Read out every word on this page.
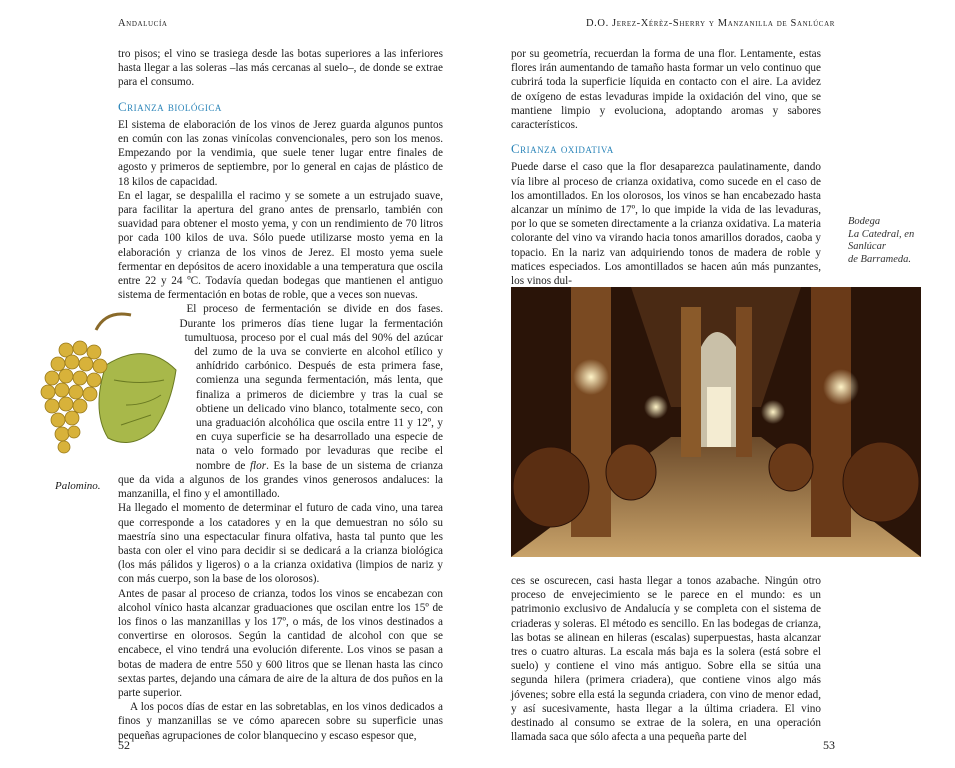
Andalucía

tro pisos; el vino se trasiega desde las botas superiores a las inferiores hasta llegar a las soleras –las más cercanas al suelo–, de donde se extrae para el consumo.

Crianza biológica

El sistema de elaboración de los vinos de Jerez guarda algunos puntos en común con las zonas vinícolas convencionales, pero son los menos. Empezando por la vendimia, que suele tener lugar entre finales de agosto y primeros de septiembre, por lo general en cajas de plástico de 18 kilos de capacidad.

En el lagar, se despalilla el racimo y se somete a un estrujado suave, para facilitar la apertura del grano antes de prensarlo, también con suavidad para obtener el mosto yema, y con un rendimiento de 70 litros por cada 100 kilos de uva. Sólo puede utilizarse mosto yema en la elaboración y crianza de los vinos de Jerez. El mosto yema suele fermentar en depósitos de acero inoxidable a una temperatura que oscila entre 22 y 24 ºC. Todavía quedan bodegas que mantienen el antiguo sistema de fermentación en botas de roble, que a veces son nuevas.

El proceso de fermentación se divide en dos fases. Durante los primeros días tiene lugar la fermentación tumultuosa, proceso por el cual más del 90% del azúcar del zumo de la uva se convierte en alcohol etílico y anhídrido carbónico. Después de esta primera fase, comienza una segunda fermentación, más lenta, que finaliza a primeros de diciembre y tras la cual se obtiene un delicado vino blanco, totalmente seco, con una graduación alcohólica que oscila entre 11 y 12º, y en cuya superficie se ha desarrollado una especie de nata o velo formado por levaduras que recibe el nombre de flor. Es la base de un sistema de crianza que da vida a algunos de los grandes vinos generosos andaluces: la manzanilla, el fino y el amontillado.

Ha llegado el momento de determinar el futuro de cada vino, una tarea que corresponde a los catadores y en la que demuestran no sólo su maestría sino una espectacular finura olfativa, hasta tal punto que les basta con oler el vino para decidir si se dedicará a la crianza biológica (los más pálidos y ligeros) o a la crianza oxidativa (limpios de nariz y con más cuerpo, son la base de los olorosos).

Antes de pasar al proceso de crianza, todos los vinos se encabezan con alcohol vínico hasta alcanzar graduaciones que oscilan entre los 15º de los finos o las manzanillas y los 17º, o más, de los vinos destinados a convertirse en olorosos. Según la cantidad de alcohol con que se encabece, el vino tendrá una evolución diferente. Los vinos se pasan a botas de madera de entre 550 y 600 litros que se llenan hasta las cinco sextas partes, dejando una cámara de aire de la altura de dos puños en la parte superior.

A los pocos días de estar en las sobretablas, en los vinos dedicados a finos y manzanillas se ve cómo aparecen sobre su superficie unas pequeñas agrupaciones de color blanquecino y escaso espesor que,

Palomino.
52
D.O. Jerez-Xérèz-Sherry y Manzanilla de Sanlúcar

por su geometría, recuerdan la forma de una flor. Lentamente, estas flores irán aumentando de tamaño hasta formar un velo continuo que cubrirá toda la superficie líquida en contacto con el aire. La avidez de oxígeno de estas levaduras impide la oxidación del vino, que se mantiene limpio y evoluciona, adoptando aromas y sabores característicos.

Crianza oxidativa

Puede darse el caso que la flor desaparezca paulatinamente, dando vía libre al proceso de crianza oxidativa, como sucede en el caso de los amontillados. En los olorosos, los vinos se han encabezado hasta alcanzar un mínimo de 17º, lo que impide la vida de las levaduras, por lo que se someten directamente a la crianza oxidativa. La materia colorante del vino va virando hacia tonos amarillos dorados, caoba y topacio. En la nariz van adquiriendo tonos de madera de roble y matices especiados. Los amontillados se hacen aún más punzantes, los vinos dul-

Bodega
La Catedral, en
Sanlúcar
de Barrameda.

ces se oscurecen, casi hasta llegar a tonos azabache. Ningún otro proceso de envejecimiento se le parece en el mundo: es un patrimonio exclusivo de Andalucía y se completa con el sistema de criaderas y soleras. El método es sencillo. En las bodegas de crianza, las botas se alinean en hileras (escalas) superpuestas, hasta alcanzar tres o cuatro alturas. La escala más baja es la solera (está sobre el suelo) y contiene el vino más antiguo. Sobre ella se sitúa una segunda hilera (primera criadera), que contiene vinos algo más jóvenes; sobre ella está la segunda criadera, con vino de menor edad, y así sucesivamente, hasta llegar a la última criadera. El vino destinado al consumo se extrae de la solera, en una operación llamada saca que sólo afecta a una pequeña parte del

53
